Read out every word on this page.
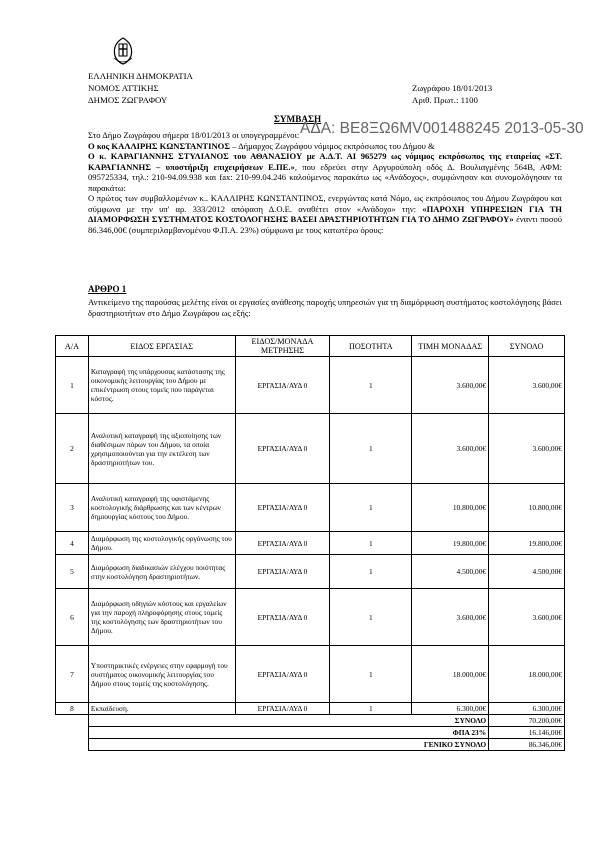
ΕΛΛΗΝΙΚΗ ΔΗΜΟΚΡΑΤΙΑ
ΝΟΜΟΣ ΑΤΤΙΚΗΣ
ΔΗΜΟΣ ΖΩΓΡΑΦΟΥ
Ζωγράφου 18/01/2013
Αριθ. Πρωτ.: 1100
ΣΥΜΒΑΣΗ

Στο Δήμο Ζωγράφου σήμερα 18/01/2013 οι υπογεγραμμένοι:

Ο κος ΚΑΛΛΙΡΗΣ ΚΩΝΣΤΑΝΤΙΝΟΣ – Δήμαρχος Ζωγράφου νόμιμος εκπρόσωπος του Δήμου &

Ο κ. ΚΑΡΑΓΙΑΝΝΗΣ ΣΤΥΛΙΑΝΟΣ του ΑΘΑΝΑΣΙΟΥ με Α.Δ.Τ. ΑΙ 965279 ως νόμιμος εκπρόσωπος της εταιρείας «ΣΤ. ΚΑΡΑΓΙΑΝΝΗΣ – υποστήριξη επιχειρήσεων Ε.ΠΕ.», που εδρεύει στην Αργυρούπολη οδός Δ. Βουλιαγμένης 564Β, ΑΦΜ: 095725334, τηλ.: 210-94.09.938 και fax: 210-99.04.246 καλούμενος παρακάτω ως «Ανάδοχος», συμφώνησαν και συνομολόγησαν τα παρακάτω:

Ο πρώτος των συμβαλλομένων κ.. ΚΑΛΛΙΡΗΣ ΚΩΝΣΤΑΝΤΙΝΟΣ, ενεργώντας κατά Νόμο, ως εκπρόσωπος του Δήμου Ζωγράφου και σύμφωνα με την υπ' αρ. 333/2012 απόφαση Δ.Ο.Ε. αναθέτει στον «Ανάδοχο» την: «ΠΑΡΟΧΗ ΥΠΗΡΕΣΙΩΝ ΓΙΑ ΤΗ ΔΙΑΜΟΡΦΩΣΗ ΣΥΣΤΗΜΑΤΟΣ ΚΟΣΤΟΛΟΓΗΣΗΣ ΒΑΣΕΙ ΔΡΑΣΤΗΡΙΟΤΗΤΩΝ ΓΙΑ ΤΟ ΔΗΜΟ ΖΩΓΡΑΦΟΥ» έναντι ποσού 86.346,00€ (συμπεριλαμβανομένου Φ.Π.Α. 23%) σύμφωνα με τους κατωτέρω όρους:

ΑΔΑ: ΒΕ8ΞΩ6ΜV001488245 2013-05-30
ΑΡΘΡΟ 1
Αντικείμενο της παρούσας μελέτης είναι οι εργασίες ανάθεσης παροχής υπηρεσιών για τη διαμόρφωση συστήματος κοστολόγησης βάσει δραστηριοτήτων στο Δήμο Ζωγράφου ως εξής:
Α/Α	ΕΙΔΟΣ ΕΡΓΑΣΙΑΣ	ΕΙΔΟΣ/ΜΟΝΑΔΑ ΜΕΤΡΗΣΗΣ	ΠΟΣΟΤΗΤΑ	ΤΙΜΗ ΜΟΝΑΔΑΣ	ΣΥΝΟΛΟ
1	Καταγραφή της υπάρχουσας κατάστασης της οικονομικής λειτουργίας του Δήμου με επικέντρωση στους τομείς που παράγεται κόστος.	ΕΡΓΑΣΙΑ/ΑΥΔ 0	1	3.600,00€	3.600,00€
2	Αναλυτική καταγραφή της αξιοποίησης των διαθέσιμων πόρων του Δήμου, τα οποία χρησιμοποιούνται για την εκτέλεση των δραστηριοτήτων του.	ΕΡΓΑΣΙΑ/ΑΥΔ 0	1	3.600,00€	3.600,00€
3	Αναλυτική καταγραφή της υφιστάμενης κοστολογικής διάρθρωσης και των κέντρων δημιουργίας κόστους του Δήμου.	ΕΡΓΑΣΙΑ/ΑΥΔ 0	1	10.800,00€	10.800,00€
4	Διαμόρφωση της κοστολογικής οργάνωσης του Δήμου.	ΕΡΓΑΣΙΑ/ΑΥΔ 0	1	19.800,00€	19.800,00€
5	Διαμόρφωση διαδικασιών ελέγχου ποιότητας στην κοστολόγηση δραστηριοτήτων.	ΕΡΓΑΣΙΑ/ΑΥΔ 0	1	4.500,00€	4.500,00€
6	Διαμόρφωση οδηγιών κόστους και εργαλείων για την παροχή πληροφόρησης στους τομείς της κοστολόγησης των δραστηριοτήτων του Δήμου.	ΕΡΓΑΣΙΑ/ΑΥΔ 0	1	3.600,00€	3.600,00€
7	Υποστηρικτικές ενέργειες στην εφαρμογή του συστήματος οικονομικής λειτουργίας του Δήμου στους τομείς της κοστολόγησης.	ΕΡΓΑΣΙΑ/ΑΥΔ 0	1	18.000,00€	18.000,00€
8	Εκπαίδευση.	ΕΡΓΑΣΙΑ/ΑΥΔ 0	1	6.300,00€	6.300,00€
	ΣΥΝΟΛΟ				70.200,00€
	ΦΠΑ 23%				16.146,00€
	ΓΕΝΙΚΟ ΣΥΝΟΛΟ				86.346,00€
